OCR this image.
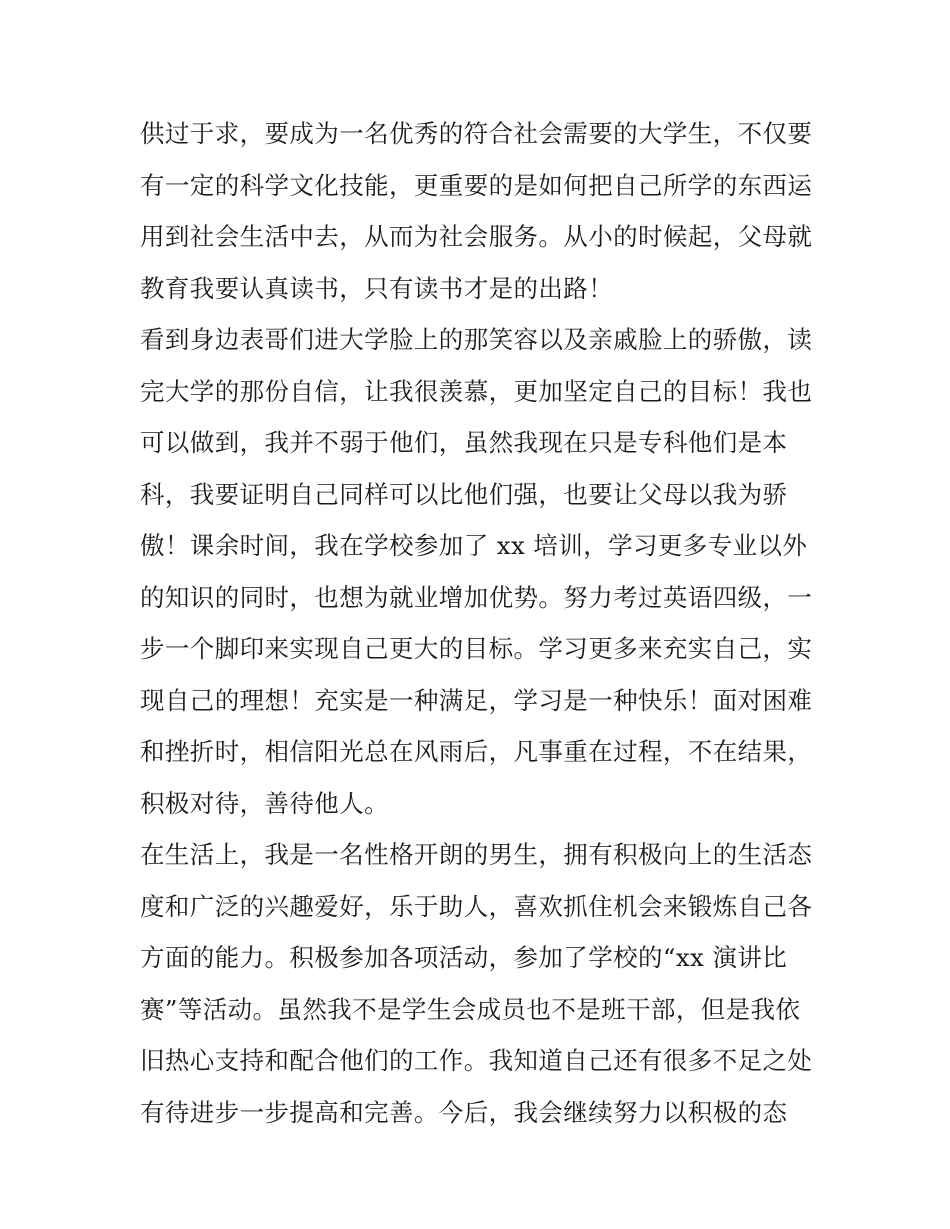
供过于求，要成为一名优秀的符合社会需要的大学生，不仅要
有一定的科学文化技能，更重要的是如何把自己所学的东西运
用到社会生活中去，从而为社会服务。从小的时候起，父母就
教育我要认真读书，只有读书才是的出路！
看到身边表哥们进大学脸上的那笑容以及亲戚脸上的骄傲，读
完大学的那份自信，让我很羡慕，更加坚定自己的目标！我也
可以做到，我并不弱于他们，虽然我现在只是专科他们是本
科，我要证明自己同样可以比他们强，也要让父母以我为骄
傲！课余时间，我在学校参加了 xx 培训，学习更多专业以外
的知识的同时，也想为就业增加优势。努力考过英语四级，一
步一个脚印来实现自己更大的目标。学习更多来充实自己，实
现自己的理想！充实是一种满足，学习是一种快乐！面对困难
和挫折时，相信阳光总在风雨后，凡事重在过程，不在结果，
积极对待，善待他人。
在生活上，我是一名性格开朗的男生，拥有积极向上的生活态
度和广泛的兴趣爱好，乐于助人，喜欢抓住机会来锻炼自己各
方面的能力。积极参加各项活动，参加了学校的“xx 演讲比
赛”等活动。虽然我不是学生会成员也不是班干部，但是我依
旧热心支持和配合他们的工作。我知道自己还有很多不足之处
有待进步一步提高和完善。今后，我会继续努力以积极的态
